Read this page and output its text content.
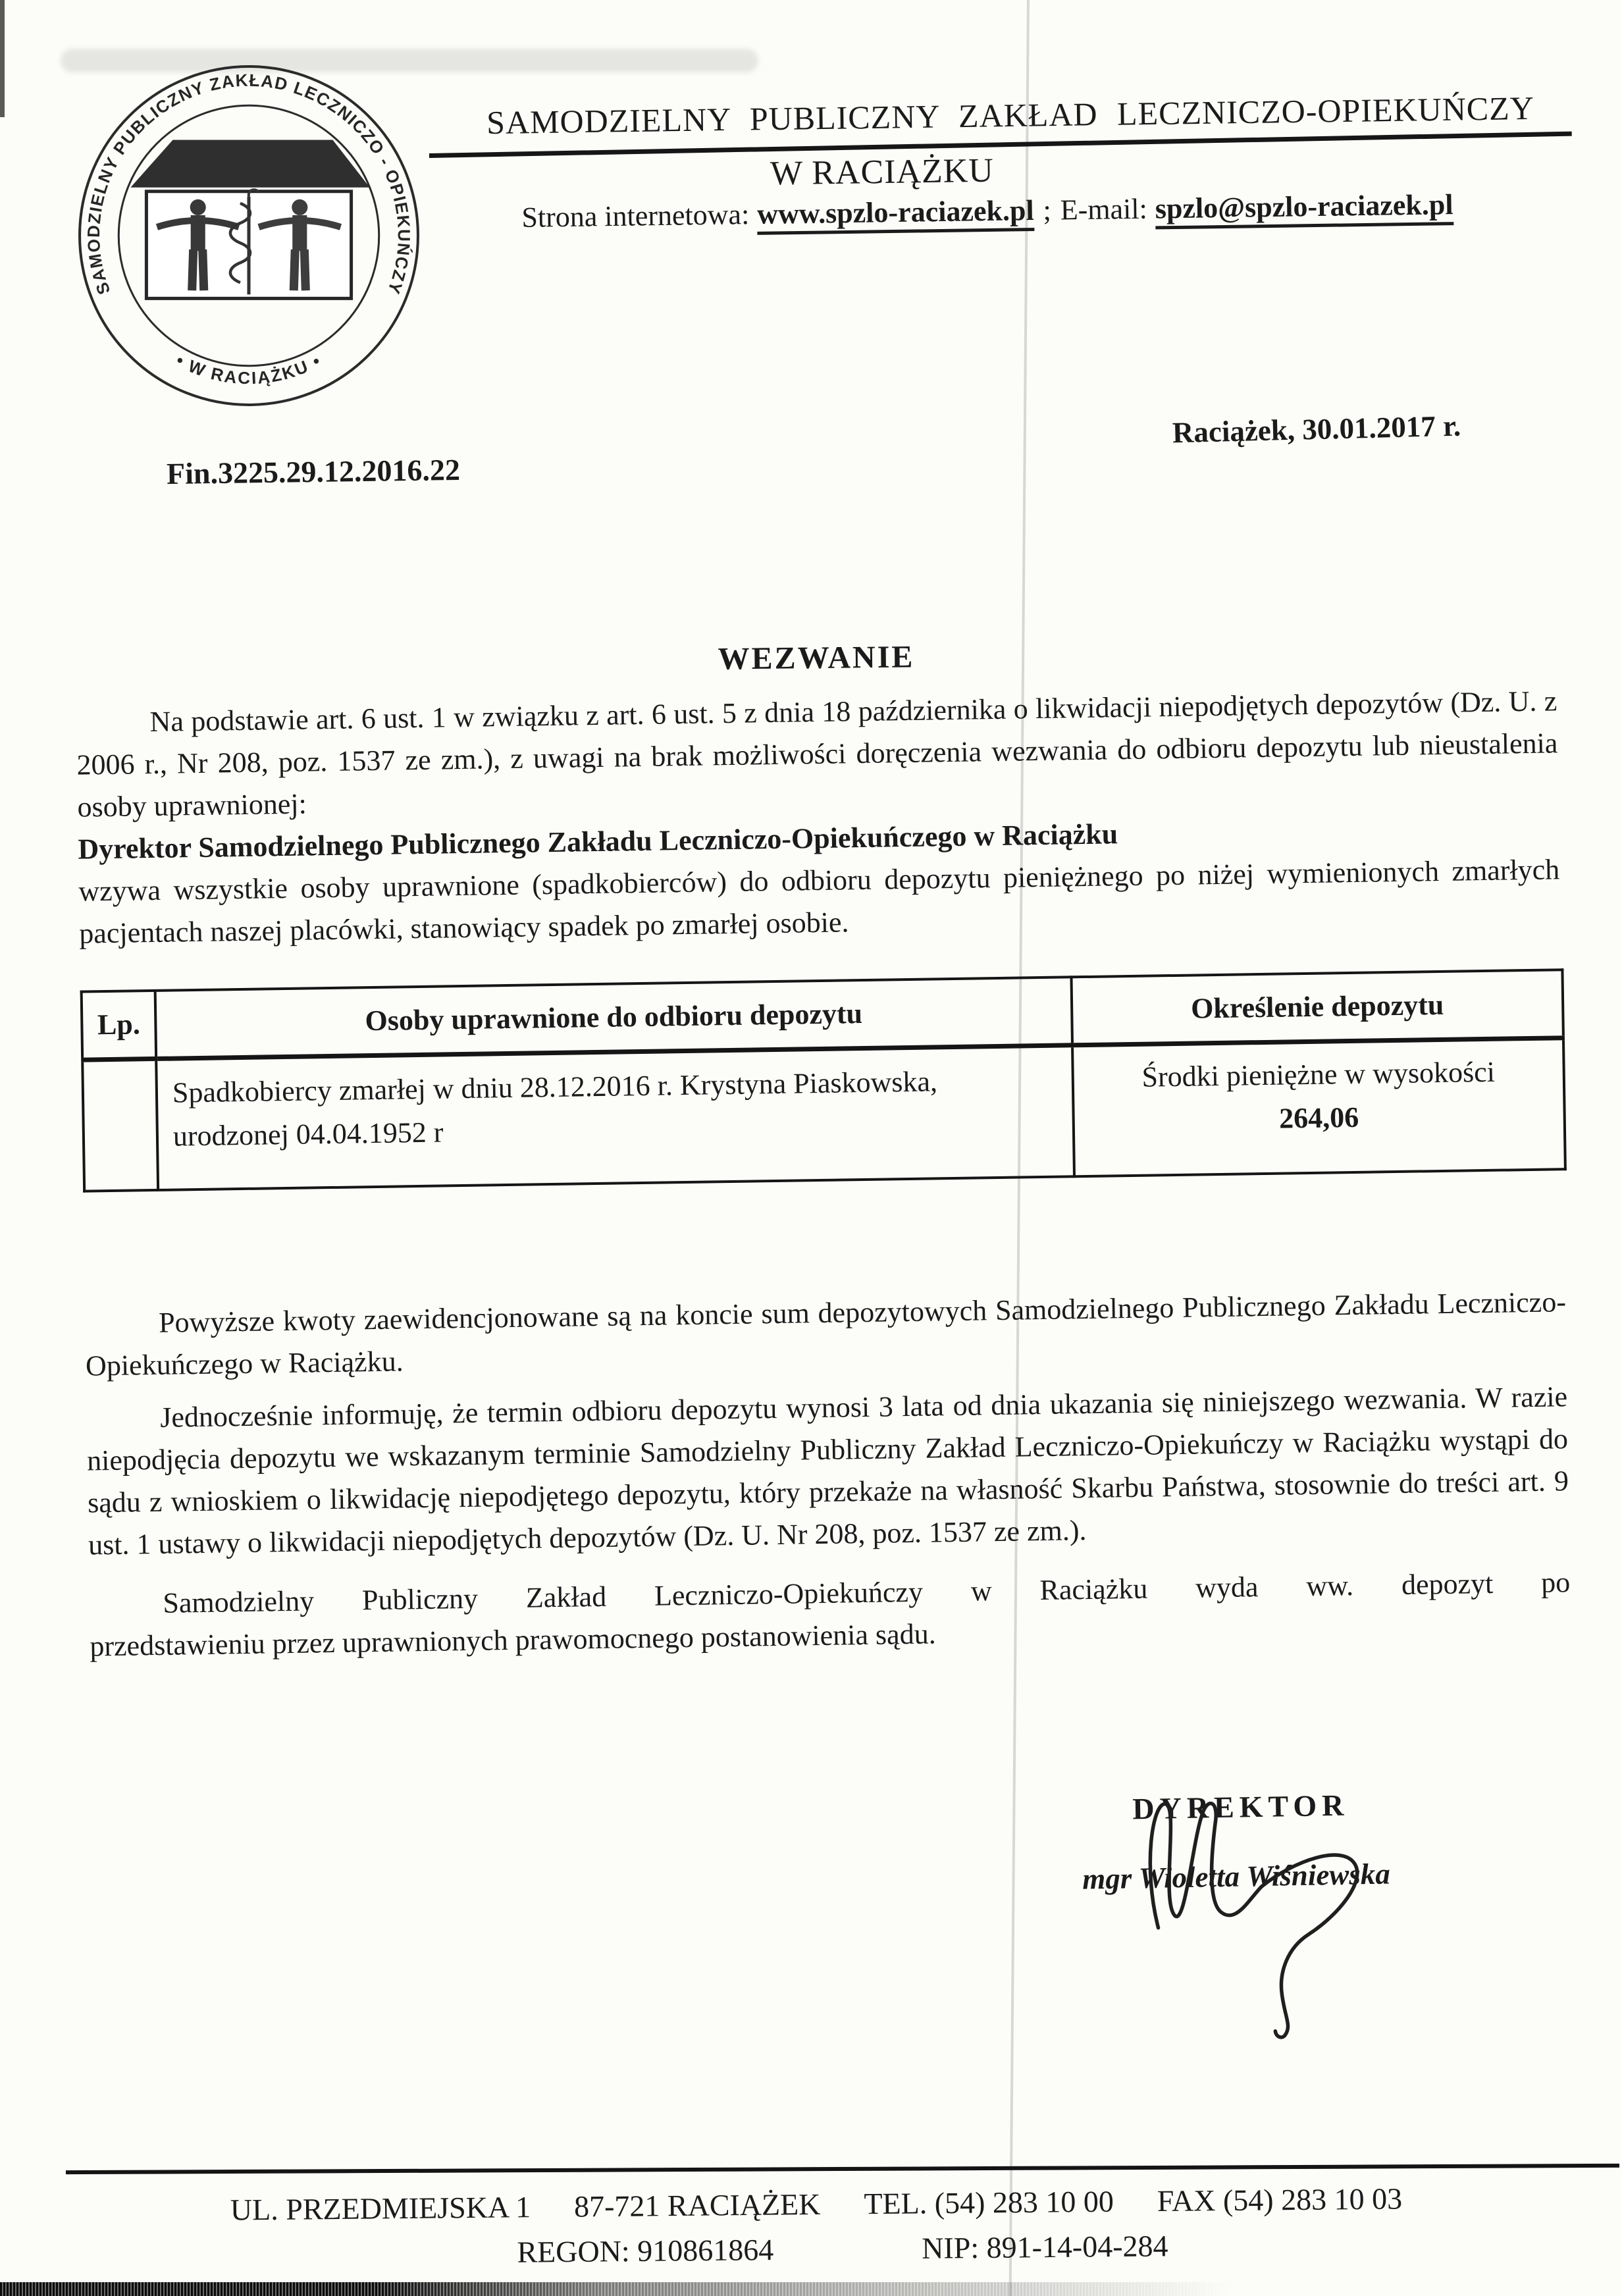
SAMODZIELNY PUBLICZNY ZAKŁAD LECZNICZO - OPIEKUŃCZY
• W RACIĄŻKU •
SAMODZIELNY PUBLICZNY ZAKŁAD LECZNICZO-OPIEKUŃCZY
W RACIĄŻKU
Strona internetowa: www.spzlo-raciazek.pl ; E-mail: spzlo@spzlo-raciazek.pl
Raciążek, 30.01.2017 r.
Fin.3225.29.12.2016.22
WEZWANIE

Na podstawie art. 6 ust. 1 w związku z art. 6 ust. 5 z dnia 18 października o likwidacji niepodjętych depozytów (Dz. U. z 2006 r., Nr 208, poz. 1537 ze zm.), z uwagi na brak możliwości doręczenia wezwania do odbioru depozytu lub nieustalenia osoby uprawnionej:

Dyrektor Samodzielnego Publicznego Zakładu Leczniczo-Opiekuńczego w Raciążku

wzywa wszystkie osoby uprawnione (spadkobierców) do odbioru depozytu pieniężnego po niżej wymienionych zmarłych pacjentach naszej placówki, stanowiący spadek po zmarłej osobie.

Lp.	Osoby uprawnione do odbioru depozytu	Określenie depozytu
	Spadkobiercy zmarłej w dniu 28.12.2016 r. Krystyna Piaskowska, urodzonej 04.04.1952 r	Środki pieniężne w wysokości
264,06

Powyższe kwoty zaewidencjonowane są na koncie sum depozytowych Samodzielnego Publicznego Zakładu Leczniczo-Opiekuńczego w Raciążku.

Jednocześnie informuję, że termin odbioru depozytu wynosi 3 lata od dnia ukazania się niniejszego wezwania. W razie niepodjęcia depozytu we wskazanym terminie Samodzielny Publiczny Zakład Leczniczo-Opiekuńczy w Raciążku wystąpi do sądu z wnioskiem o likwidację niepodjętego depozytu, który przekaże na własność Skarbu Państwa, stosownie do treści art. 9 ust. 1 ustawy o likwidacji niepodjętych depozytów (Dz. U. Nr 208, poz. 1537 ze zm.).

Samodzielny Publiczny Zakład Leczniczo-Opiekuńczy w Raciążku wyda ww. depozyt po

przedstawieniu przez uprawnionych prawomocnego postanowienia sądu.

DYREKTOR
mgr Wioletta Wiśniewska
UL. PRZEDMIEJSKA 1 87-721 RACIĄŻEK TEL. (54) 283 10 00 FAX (54) 283 10 03
REGON: 910861864	NIP: 891-14-04-284
